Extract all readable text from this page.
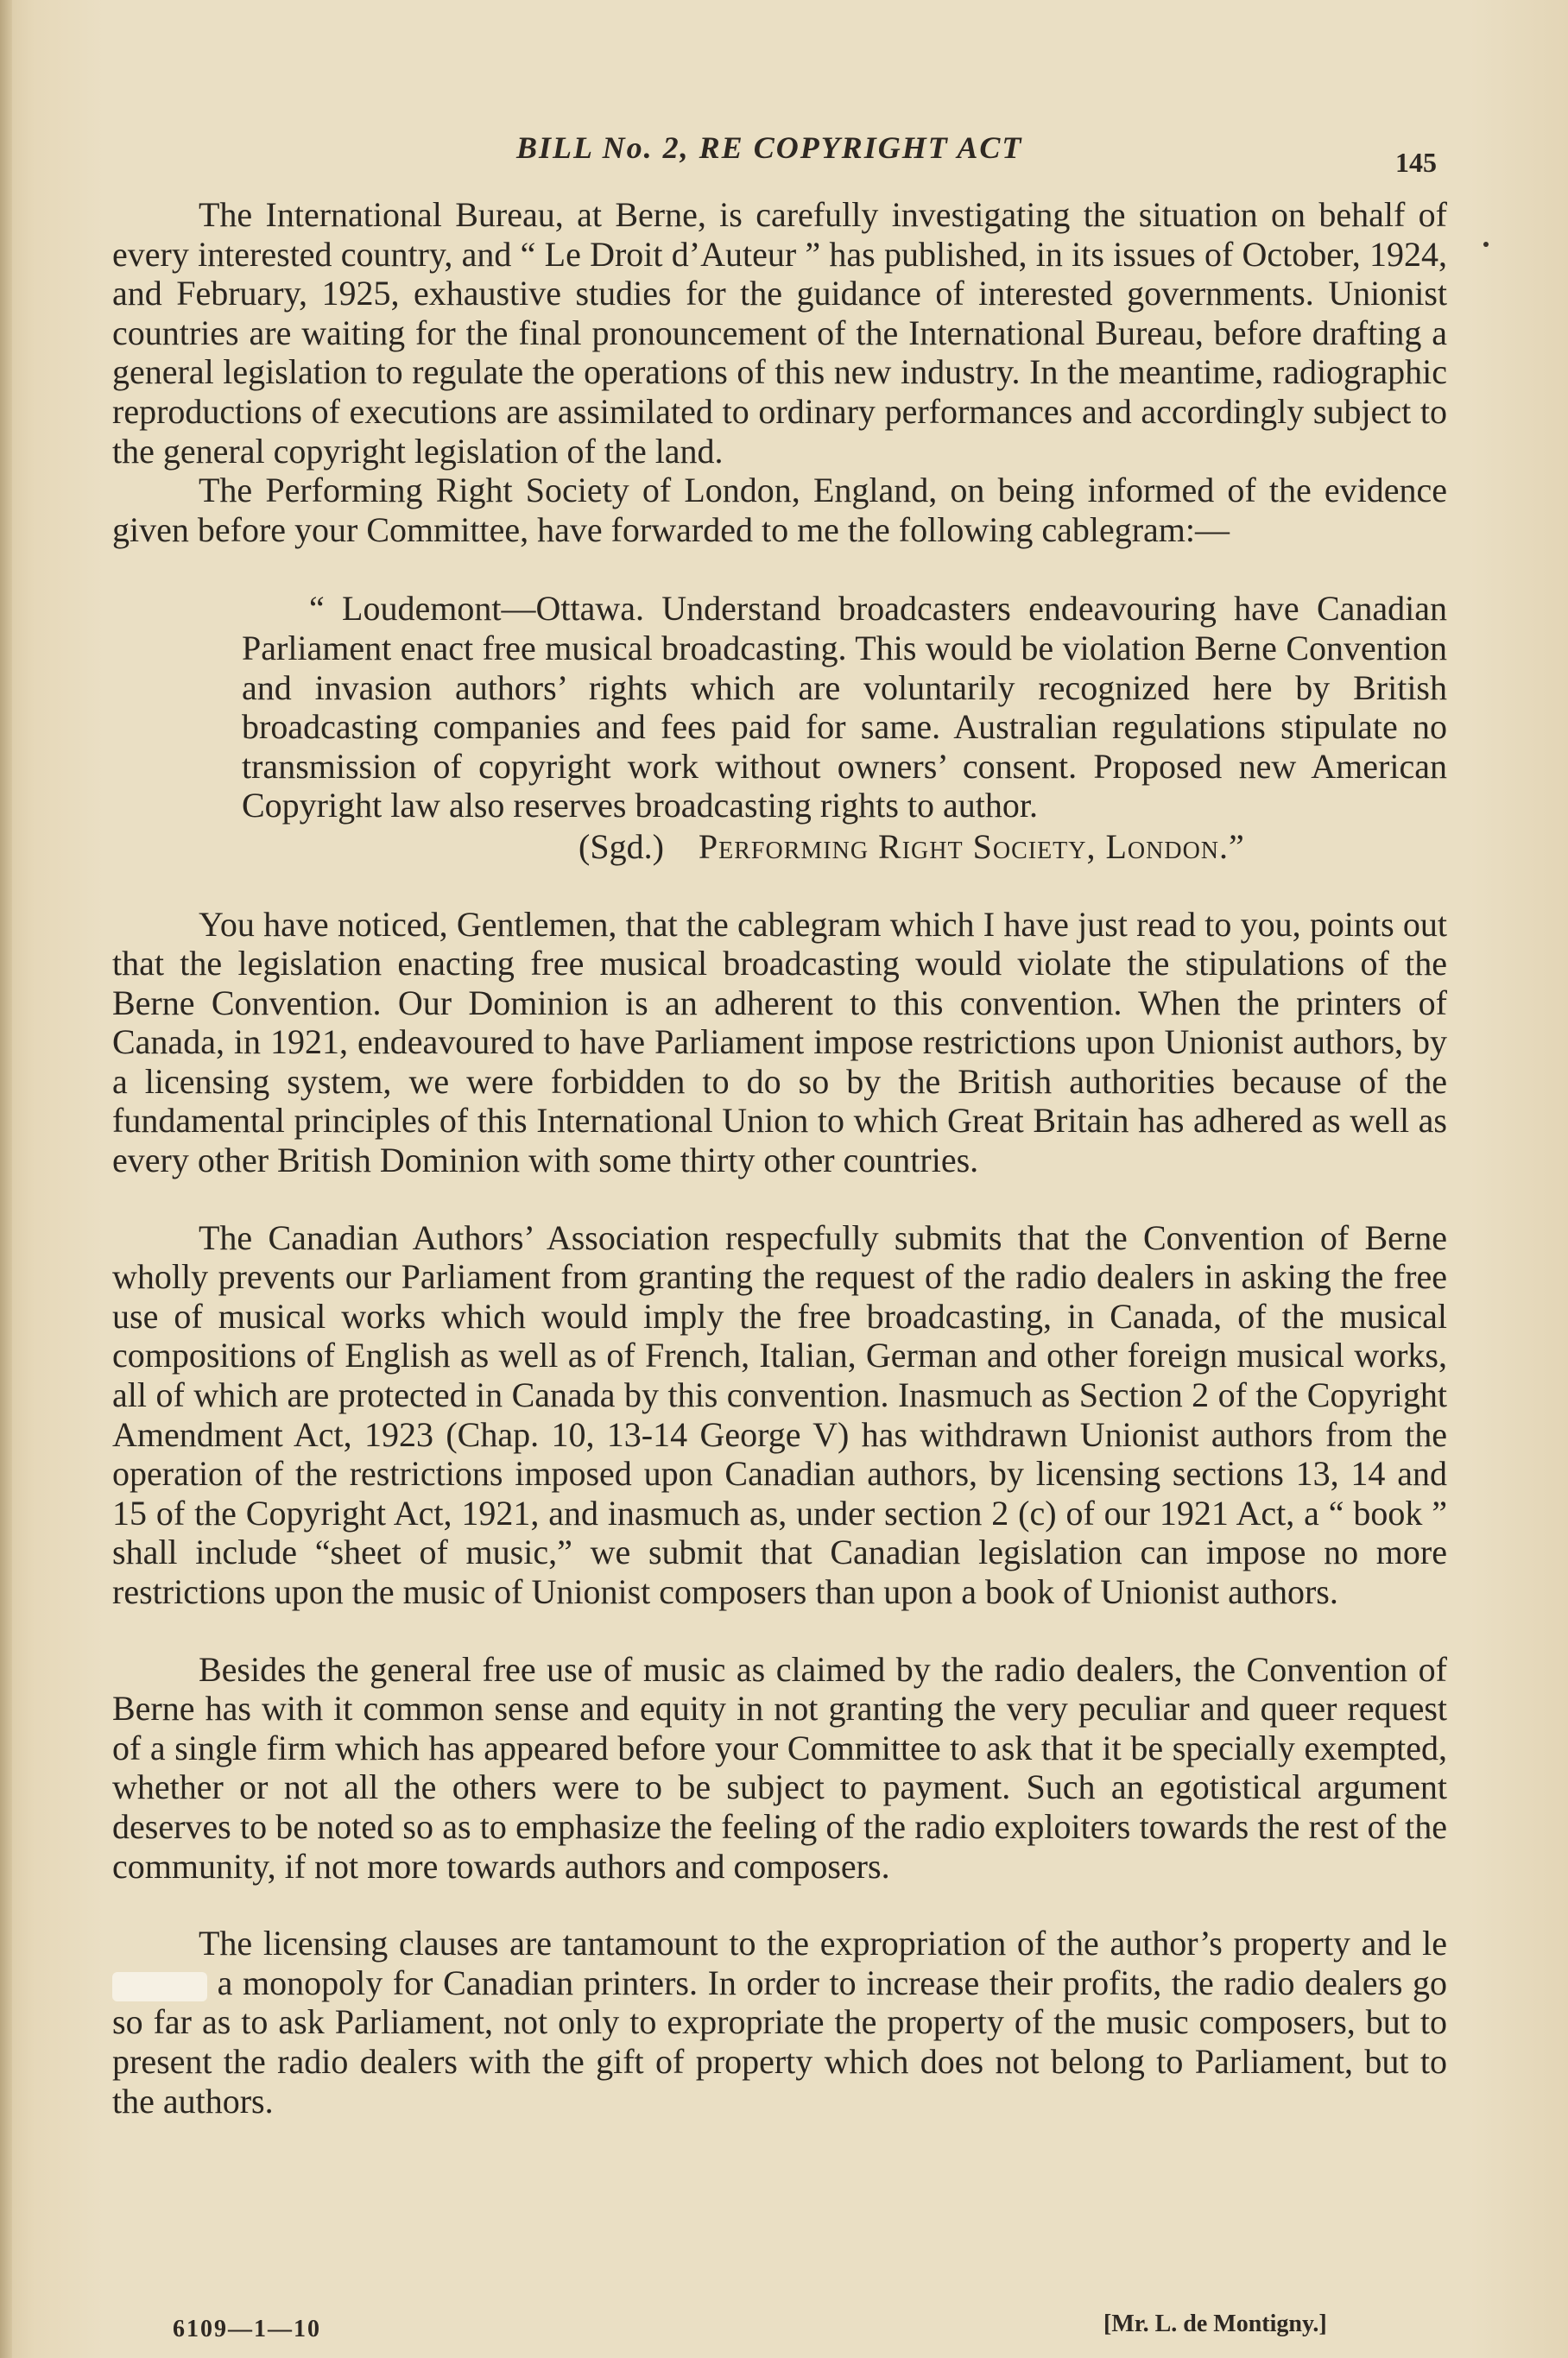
BILL No. 2, RE COPYRIGHT ACT	145

The International Bureau, at Berne, is carefully investigating the situation on behalf of every interested country, and “ Le Droit d’Auteur ” has published, in its issues of October, 1924, and February, 1925, exhaustive studies for the guidance of interested governments. Unionist countries are waiting for the final pronouncement of the International Bureau, before drafting a general legislation to regulate the operations of this new industry. In the meantime, radiographic reproductions of executions are assimilated to ordinary performances and accordingly subject to the general copyright legislation of the land.

The Performing Right Society of London, England, on being informed of the evidence given before your Committee, have forwarded to me the following cablegram:—

“ Loudemont—Ottawa. Understand broadcasters endeavouring have Canadian Parliament enact free musical broadcasting. This would be violation Berne Convention and invasion authors’ rights which are voluntarily recognized here by British broadcasting companies and fees paid for same. Australian regulations stipulate no transmission of copyright work without owners’ consent. Proposed new American Copyright law also reserves broadcasting rights to author.

(Sgd.) Performing Right Society, London.”

You have noticed, Gentlemen, that the cablegram which I have just read to you, points out that the legislation enacting free musical broadcasting would violate the stipulations of the Berne Convention. Our Dominion is an adherent to this convention. When the printers of Canada, in 1921, endeavoured to have Parliament impose restrictions upon Unionist authors, by a licensing system, we were forbidden to do so by the British authorities because of the fundamental principles of this International Union to which Great Britain has adhered as well as every other British Dominion with some thirty other countries.

The Canadian Authors’ Association respecfully submits that the Convention of Berne wholly prevents our Parliament from granting the request of the radio dealers in asking the free use of musical works which would imply the free broadcasting, in Canada, of the musical compositions of English as well as of French, Italian, German and other foreign musical works, all of which are protected in Canada by this convention. Inasmuch as Section 2 of the Copyright Amendment Act, 1923 (Chap. 10, 13-14 George V) has withdrawn Unionist authors from the operation of the restrictions imposed upon Canadian authors, by licensing sections 13, 14 and 15 of the Copyright Act, 1921, and inasmuch as, under section 2 (c) of our 1921 Act, a “ book ” shall include “sheet of music,” we submit that Canadian legislation can impose no more restrictions upon the music of Unionist composers than upon a book of Unionist authors.

Besides the general free use of music as claimed by the radio dealers, the Convention of Berne has with it common sense and equity in not granting the very peculiar and queer request of a single firm which has appeared before your Committee to ask that it be specially exempted, whether or not all the others were to be subject to payment. Such an egotistical argument deserves to be noted so as to emphasize the feeling of the radio exploiters towards the rest of the community, if not more towards authors and composers.

The licensing clauses are tantamount to the expropriation of the author’s property and le  a monopoly for Canadian printers. In order to increase their profits, the radio dealers go so far as to ask Parliament, not only to expropriate the property of the music composers, but to present the radio dealers with the gift of property which does not belong to Parliament, but to the authors.

6109—1—10	[Mr. L. de Montigny.]
